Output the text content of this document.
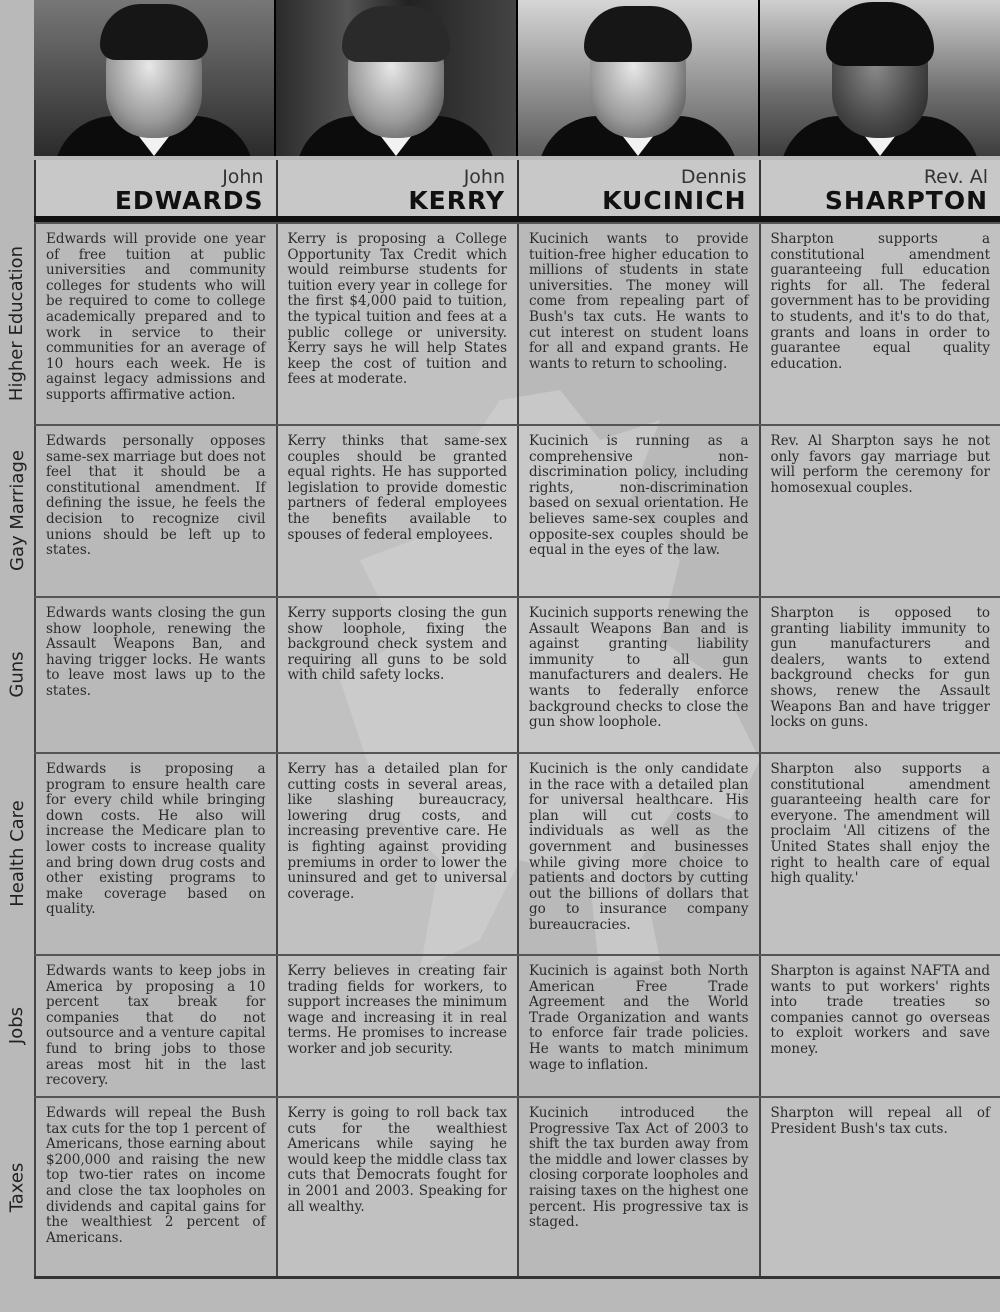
John
EDWARDS
John
KERRY
Dennis
KUCINICH
Rev. Al
SHARPTON
Edwards will provide one year of free tuition at public universities and community colleges for students who will be required to come to college academically prepared and to work in service to their communities for an average of 10 hours each week. He is against legacy admissions and supports affirmative action.
Kerry is proposing a College Opportunity Tax Credit which would reimburse students for tuition every year in college for the first $4,000 paid to tuition, the typical tuition and fees at a public college or university. Kerry says he will help States keep the cost of tuition and fees at moderate.
Kucinich wants to provide tuition-free higher education to millions of students in state universities. The money will come from repealing part of Bush's tax cuts. He wants to cut interest on student loans for all and expand grants. He wants to return to schooling.
Sharpton supports a constitutional amendment guaranteeing full education rights for all. The federal government has to be providing to students, and it's to do that, grants and loans in order to guarantee equal quality education.
Edwards personally opposes same-sex marriage but does not feel that it should be a constitutional amendment. If defining the issue, he feels the decision to recognize civil unions should be left up to states.
Kerry thinks that same-sex couples should be granted equal rights. He has supported legislation to provide domestic partners of federal employees the benefits available to spouses of federal employees.
Kucinich is running as a comprehensive non-discrimination policy, including rights, non-discrimination based on sexual orientation. He believes same-sex couples and opposite-sex couples should be equal in the eyes of the law.
Rev. Al Sharpton says he not only favors gay marriage but will perform the ceremony for homosexual couples.
Edwards wants closing the gun show loophole, renewing the Assault Weapons Ban, and having trigger locks. He wants to leave most laws up to the states.
Kerry supports closing the gun show loophole, fixing the background check system and requiring all guns to be sold with child safety locks.
Kucinich supports renewing the Assault Weapons Ban and is against granting liability immunity to all gun manufacturers and dealers. He wants to federally enforce background checks to close the gun show loophole.
Sharpton is opposed to granting liability immunity to gun manufacturers and dealers, wants to extend background checks for gun shows, renew the Assault Weapons Ban and have trigger locks on guns.
Edwards is proposing a program to ensure health care for every child while bringing down costs. He also will increase the Medicare plan to lower costs to increase quality and bring down drug costs and other existing programs to make coverage based on quality.
Kerry has a detailed plan for cutting costs in several areas, like slashing bureaucracy, lowering drug costs, and increasing preventive care. He is fighting against providing premiums in order to lower the uninsured and get to universal coverage.
Kucinich is the only candidate in the race with a detailed plan for universal healthcare. His plan will cut costs to individuals as well as the government and businesses while giving more choice to patients and doctors by cutting out the billions of dollars that go to insurance company bureaucracies.
Sharpton also supports a constitutional amendment guaranteeing health care for everyone. The amendment will proclaim 'All citizens of the United States shall enjoy the right to health care of equal high quality.'
Edwards wants to keep jobs in America by proposing a 10 percent tax break for companies that do not outsource and a venture capital fund to bring jobs to those areas most hit in the last recovery.
Kerry believes in creating fair trading fields for workers, to support increases the minimum wage and increasing it in real terms. He promises to increase worker and job security.
Kucinich is against both North American Free Trade Agreement and the World Trade Organization and wants to enforce fair trade policies. He wants to match minimum wage to inflation.
Sharpton is against NAFTA and wants to put workers' rights into trade treaties so companies cannot go overseas to exploit workers and save money.
Edwards will repeal the Bush tax cuts for the top 1 percent of Americans, those earning about $200,000 and raising the new top two-tier rates on income and close the tax loopholes on dividends and capital gains for the wealthiest 2 percent of Americans.
Kerry is going to roll back tax cuts for the wealthiest Americans while saying he would keep the middle class tax cuts that Democrats fought for in 2001 and 2003. Speaking for all wealthy.
Kucinich introduced the Progressive Tax Act of 2003 to shift the tax burden away from the middle and lower classes by closing corporate loopholes and raising taxes on the highest one percent. His progressive tax is staged.
Sharpton will repeal all of President Bush's tax cuts.
Higher Education
Gay Marriage
Guns
Health Care
Jobs
Taxes
